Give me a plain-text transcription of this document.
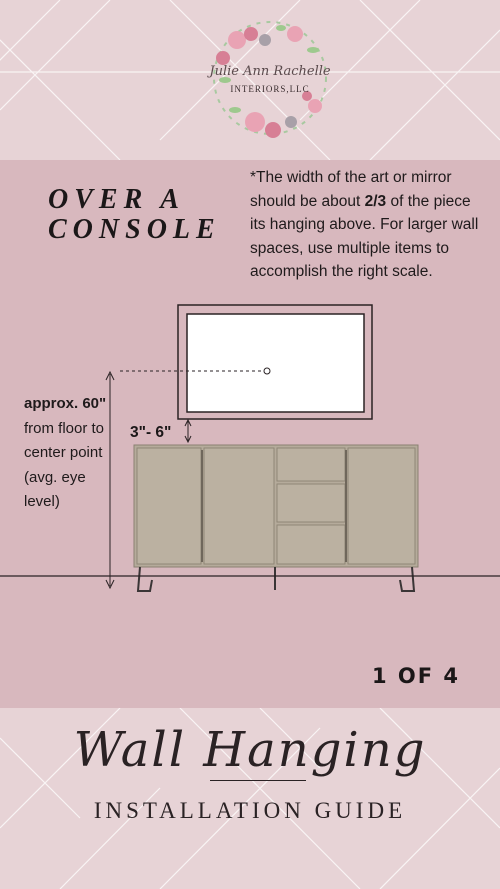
Julie Ann Rachelle
INTERIORS,LLC
OVER A
CONSOLE
*The width of the art or mirror should be about 2/3 of the piece its hanging above. For larger wall spaces, use multiple items to accomplish the right scale.
approx. 60" from floor to center point (avg. eye level)
3"- 6"
1 OF 4
Wall Hanging
INSTALLATION GUIDE
